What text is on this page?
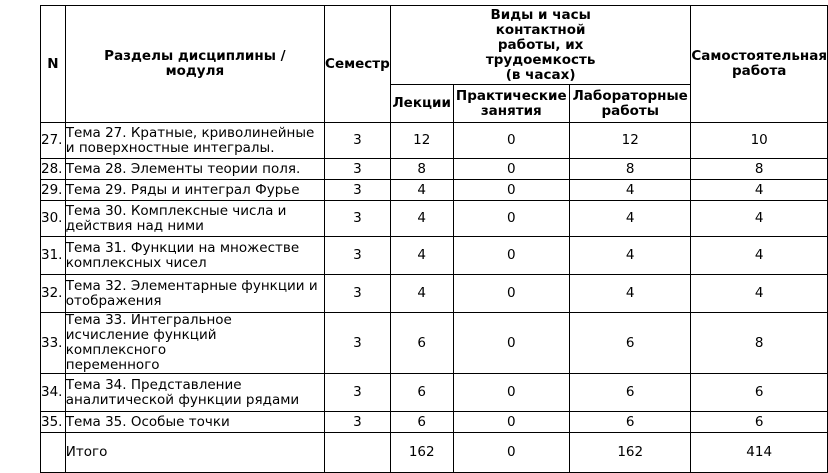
N	Разделы дисциплины / модуля	Семестр	Виды и часы контактной работы, их трудоемкость (в часах)			Самостоятельная работа
			Лекции	Практические занятия	Лабораторные работы	
27.	Тема 27. Кратные, криволинейные и поверхностные интегралы.	3	12	0	12	10
28.	Тема 28. Элементы теории поля.	3	8	0	8	8
29.	Тема 29. Ряды и интеграл Фурье	3	4	0	4	4
30.	Тема 30. Комплексные числа и действия над ними	3	4	0	4	4
31.	Тема 31. Функции на множестве комплексных чисел	3	4	0	4	4
32.	Тема 32. Элементарные функции и отображения	3	4	0	4	4
33.	Тема 33. Интегральное исчисление функций комплексного переменного	3	6	0	6	8
34.	Тема 34. Представление аналитической функции рядами	3	6	0	6	6
35.	Тема 35. Особые точки	3	6	0	6	6
	Итого		162	0	162	414
